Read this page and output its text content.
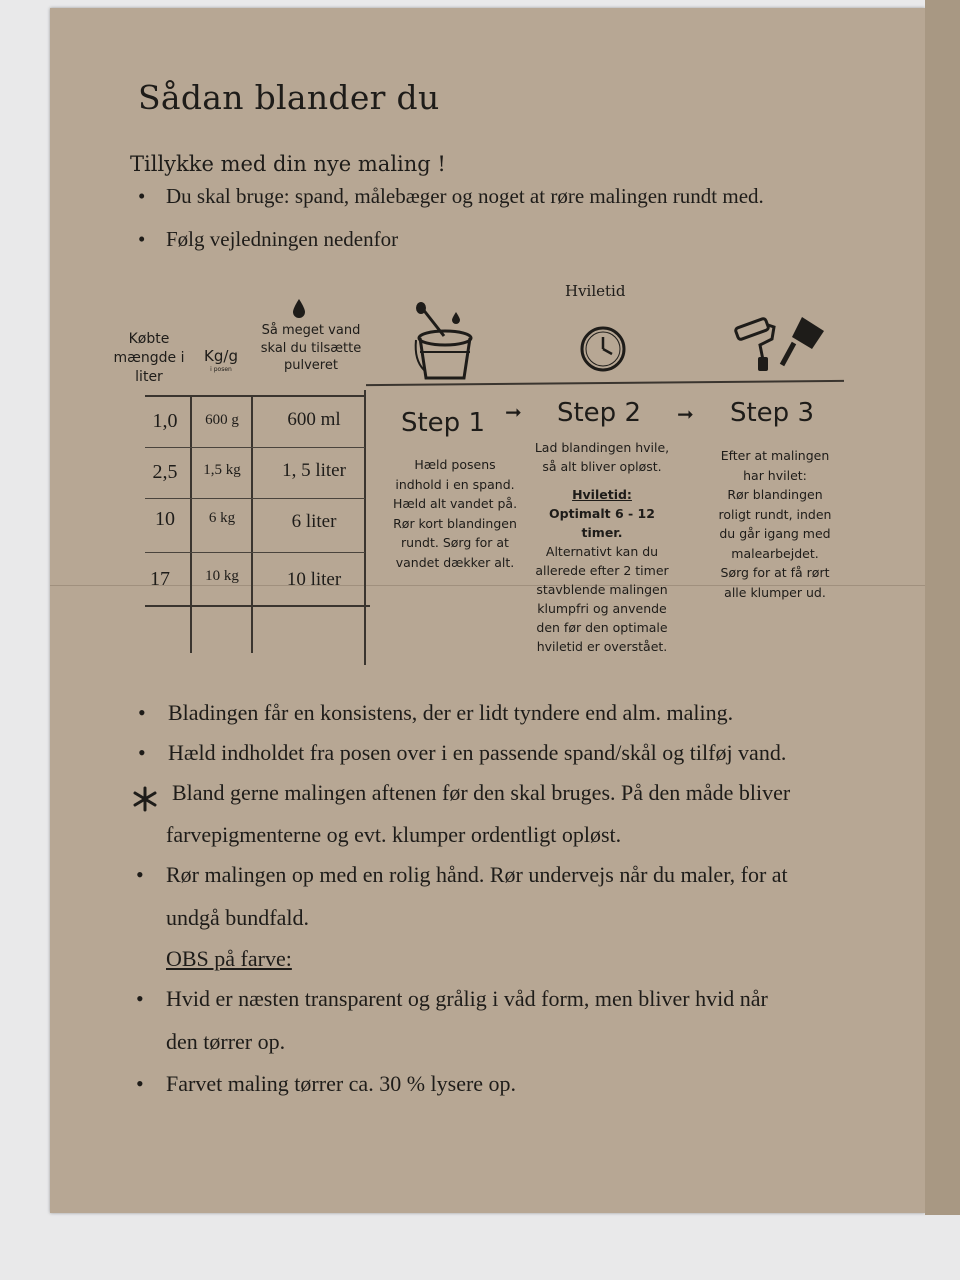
Sådan blander du
Tillykke med din nye maling !
• Du skal bruge: spand, målebæger og noget at røre malingen rundt med.
• Følg vejledningen nedenfor
Købte mængde i liter
Kg/g
i posen
Så meget vand skal du tilsætte pulveret
1,0	600 g	600 ml
2,5	1,5 kg	1, 5 liter
10	6 kg	6 liter
17	10 kg	10 liter
Hviletid
Step 1	➞
Hæld posens
indhold i en spand.
Hæld alt vandet på.
Rør kort blandingen
rundt. Sørg for at
vandet dækker alt.
Step 2	➞
Lad blandingen hvile,
så alt bliver opløst.
Hviletid:
Optimalt 6 - 12 timer.
Alternativt kan du
allerede efter 2 timer
stavblende malingen
klumpfri og anvende
den før den optimale
hviletid er overstået.
Step 3
Efter at malingen
har hvilet:
Rør blandingen
roligt rundt, inden
du går igang med
malearbejdet.
Sørg for at få rørt
alle klumper ud.
• Bladingen får en konsistens, der er lidt tyndere end alm. maling.
• Hæld indholdet fra posen over i en passende spand/skål og tilføj vand.
Bland gerne malingen aftenen før den skal bruges. På den måde bliver
farvepigmenterne og evt. klumper ordentligt opløst.
• Rør malingen op med en rolig hånd. Rør undervejs når du maler, for at
undgå bundfald.
OBS på farve:
• Hvid er næsten transparent og grålig i våd form, men bliver hvid når
den tørrer op.
• Farvet maling tørrer ca. 30 % lysere op.
